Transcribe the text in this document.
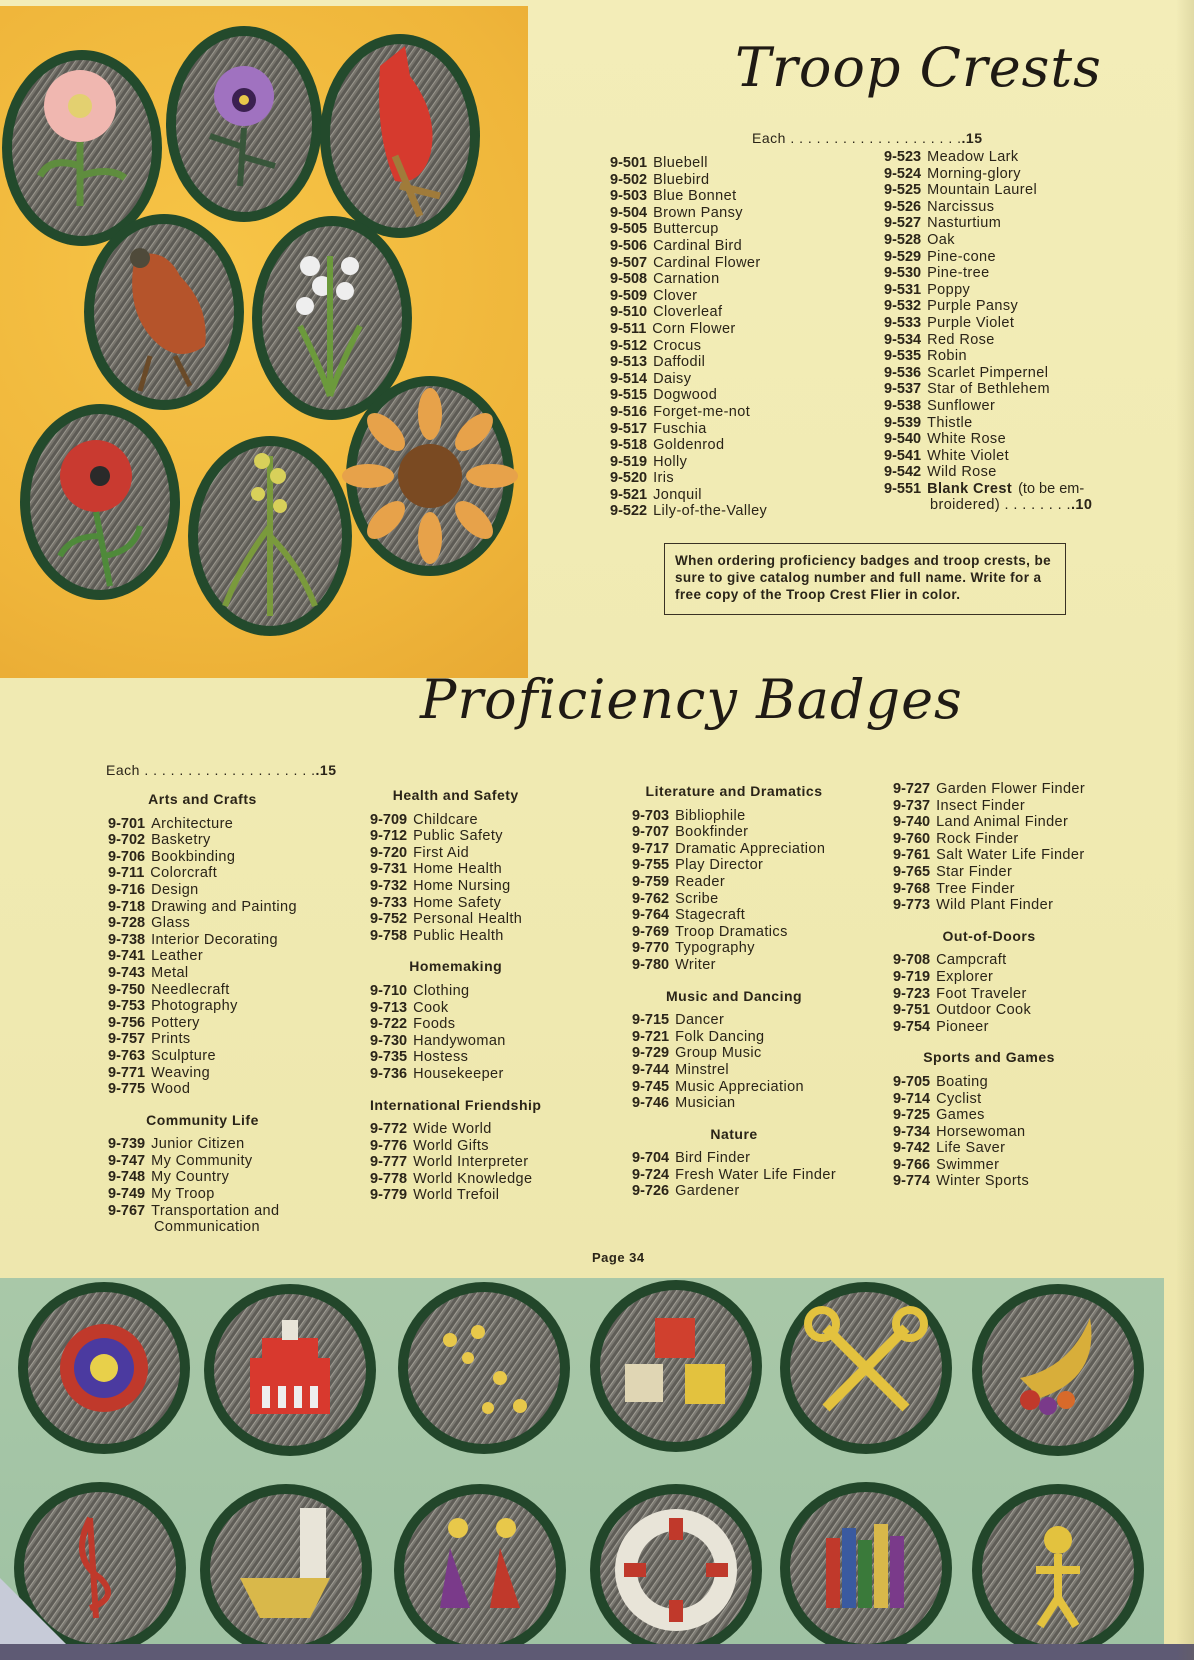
Troop Crests
Each . . . . . . . . . . . . . . . . . . . ..15
9-501 Bluebell
9-502 Bluebird
9-503 Blue Bonnet
9-504 Brown Pansy
9-505 Buttercup
9-506 Cardinal Bird
9-507 Cardinal Flower
9-508 Carnation
9-509 Clover
9-510 Cloverleaf
9-511 Corn Flower
9-512 Crocus
9-513 Daffodil
9-514 Daisy
9-515 Dogwood
9-516 Forget-me-not
9-517 Fuschia
9-518 Goldenrod
9-519 Holly
9-520 Iris
9-521 Jonquil
9-522 Lily-of-the-Valley
9-523 Meadow Lark
9-524 Morning-glory
9-525 Mountain Laurel
9-526 Narcissus
9-527 Nasturtium
9-528 Oak
9-529 Pine-cone
9-530 Pine-tree
9-531 Poppy
9-532 Purple Pansy
9-533 Purple Violet
9-534 Red Rose
9-535 Robin
9-536 Scarlet Pimpernel
9-537 Star of Bethlehem
9-538 Sunflower
9-539 Thistle
9-540 White Rose
9-541 White Violet
9-542 Wild Rose
9-551 Blank Crest (to be em-
broidered) . . . . . . . ..10
When ordering proficiency badges and troop crests, be sure to give catalog number and full name. Write for a free copy of the Troop Crest Flier in color.
Proficiency Badges
Each . . . . . . . . . . . . . . . . . . . ..15
Arts and Crafts
9-701 Architecture
9-702 Basketry
9-706 Bookbinding
9-711 Colorcraft
9-716 Design
9-718 Drawing and Painting
9-728 Glass
9-738 Interior Decorating
9-741 Leather
9-743 Metal
9-750 Needlecraft
9-753 Photography
9-756 Pottery
9-757 Prints
9-763 Sculpture
9-771 Weaving
9-775 Wood
Community Life
9-739 Junior Citizen
9-747 My Community
9-748 My Country
9-749 My Troop
9-767 Transportation and
Communication
Health and Safety
9-709 Childcare
9-712 Public Safety
9-720 First Aid
9-731 Home Health
9-732 Home Nursing
9-733 Home Safety
9-752 Personal Health
9-758 Public Health
Homemaking
9-710 Clothing
9-713 Cook
9-722 Foods
9-730 Handywoman
9-735 Hostess
9-736 Housekeeper
International Friendship
9-772 Wide World
9-776 World Gifts
9-777 World Interpreter
9-778 World Knowledge
9-779 World Trefoil
Literature and Dramatics
9-703 Bibliophile
9-707 Bookfinder
9-717 Dramatic Appreciation
9-755 Play Director
9-759 Reader
9-762 Scribe
9-764 Stagecraft
9-769 Troop Dramatics
9-770 Typography
9-780 Writer
Music and Dancing
9-715 Dancer
9-721 Folk Dancing
9-729 Group Music
9-744 Minstrel
9-745 Music Appreciation
9-746 Musician
Nature
9-704 Bird Finder
9-724 Fresh Water Life Finder
9-726 Gardener
9-727 Garden Flower Finder
9-737 Insect Finder
9-740 Land Animal Finder
9-760 Rock Finder
9-761 Salt Water Life Finder
9-765 Star Finder
9-768 Tree Finder
9-773 Wild Plant Finder
Out-of-Doors
9-708 Campcraft
9-719 Explorer
9-723 Foot Traveler
9-751 Outdoor Cook
9-754 Pioneer
Sports and Games
9-705 Boating
9-714 Cyclist
9-725 Games
9-734 Horsewoman
9-742 Life Saver
9-766 Swimmer
9-774 Winter Sports
Page 34
